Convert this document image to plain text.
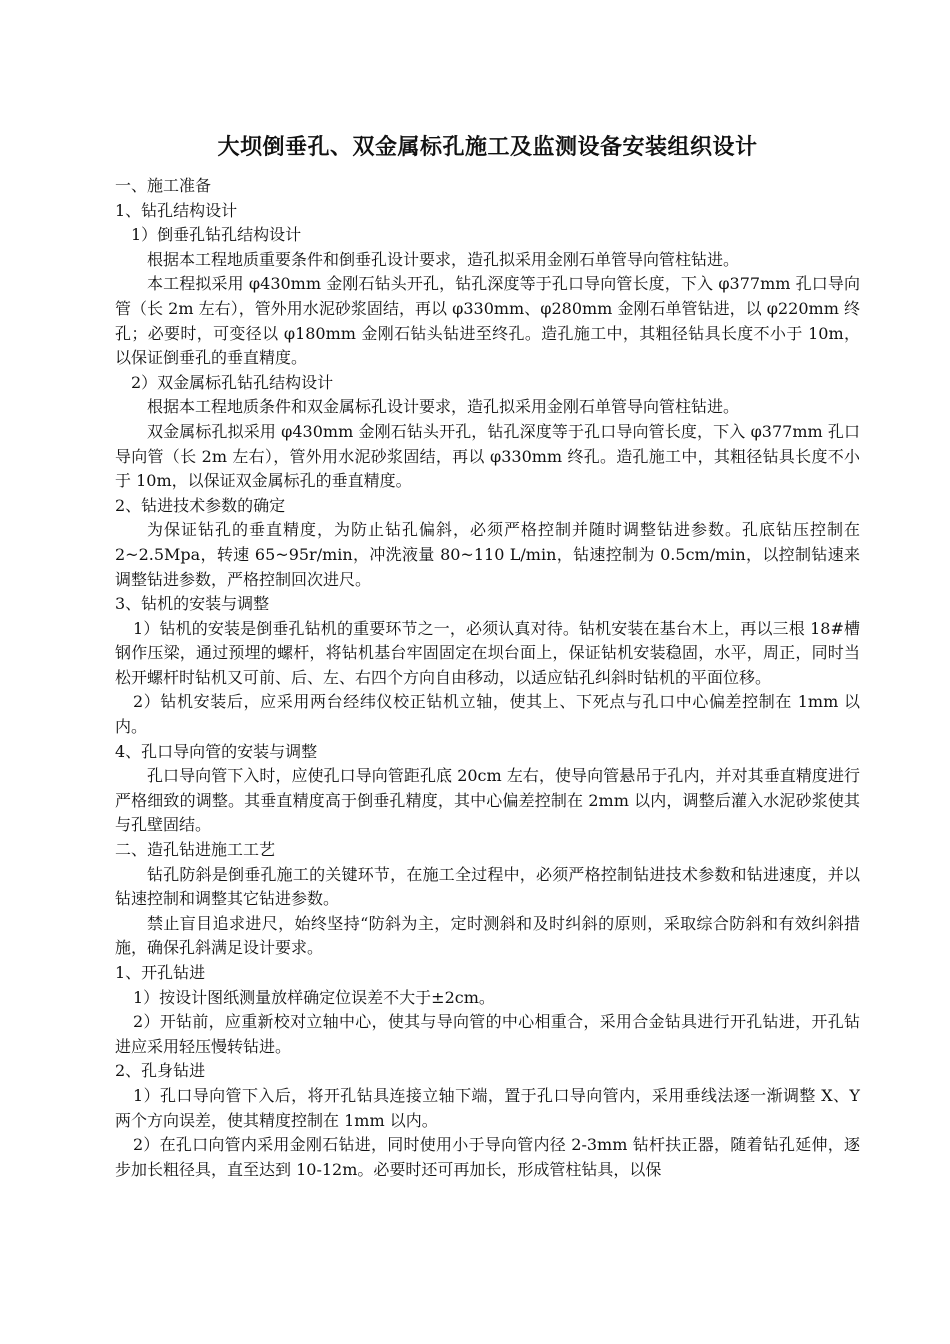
大坝倒垂孔、双金属标孔施工及监测设备安装组织设计
一、施工准备
1、钻孔结构设计
1）倒垂孔钻孔结构设计
根据本工程地质重要条件和倒垂孔设计要求，造孔拟采用金刚石单管导向管柱钻进。
本工程拟采用 φ430mm 金刚石钻头开孔，钻孔深度等于孔口导向管长度，下入 φ377mm 孔口导向管（长 2m 左右），管外用水泥砂浆固结，再以 φ330mm、φ280mm 金刚石单管钻进，以 φ220mm 终孔；必要时，可变径以 φ180mm 金刚石钻头钻进至终孔。造孔施工中，其粗径钻具长度不小于 10m，以保证倒垂孔的垂直精度。
2）双金属标孔钻孔结构设计
根据本工程地质条件和双金属标孔设计要求，造孔拟采用金刚石单管导向管柱钻进。
双金属标孔拟采用 φ430mm 金刚石钻头开孔，钻孔深度等于孔口导向管长度，下入 φ377mm 孔口导向管（长 2m 左右），管外用水泥砂浆固结，再以 φ330mm 终孔。造孔施工中，其粗径钻具长度不小于 10m，以保证双金属标孔的垂直精度。
2、钻进技术参数的确定
为保证钻孔的垂直精度，为防止钻孔偏斜，必须严格控制并随时调整钻进参数。孔底钻压控制在 2~2.5Mpa，转速 65~95r/min，冲洗液量 80~110 L/min，钻速控制为 0.5cm/min，以控制钻速来调整钻进参数，严格控制回次进尺。
3、钻机的安装与调整
1）钻机的安装是倒垂孔钻机的重要环节之一，必须认真对待。钻机安装在基台木上，再以三根 18#槽钢作压梁，通过预埋的螺杆，将钻机基台牢固固定在坝台面上，保证钻机安装稳固，水平，周正，同时当松开螺杆时钻机又可前、后、左、右四个方向自由移动，以适应钻孔纠斜时钻机的平面位移。
2）钻机安装后，应采用两台经纬仪校正钻机立轴，使其上、下死点与孔口中心偏差控制在 1mm 以内。
4、孔口导向管的安装与调整
孔口导向管下入时，应使孔口导向管距孔底 20cm 左右，使导向管悬吊于孔内，并对其垂直精度进行严格细致的调整。其垂直精度高于倒垂孔精度，其中心偏差控制在 2mm 以内，调整后灌入水泥砂浆使其与孔壁固结。
二、造孔钻进施工工艺
钻孔防斜是倒垂孔施工的关键环节，在施工全过程中，必须严格控制钻进技术参数和钻进速度，并以钻速控制和调整其它钻进参数。
禁止盲目追求进尺，始终坚持“防斜为主，定时测斜和及时纠斜的原则，采取综合防斜和有效纠斜措施，确保孔斜满足设计要求。
1、开孔钻进
1）按设计图纸测量放样确定位误差不大于±2cm。
2）开钻前，应重新校对立轴中心，使其与导向管的中心相重合，采用合金钻具进行开孔钻进，开孔钻进应采用轻压慢转钻进。
2、孔身钻进
1）孔口导向管下入后，将开孔钻具连接立轴下端，置于孔口导向管内，采用垂线法逐一渐调整 X、Y 两个方向误差，使其精度控制在 1mm 以内。
2）在孔口向管内采用金刚石钻进，同时使用小于导向管内径 2-3mm 钻杆扶正器，随着钻孔延伸，逐步加长粗径具，直至达到 10-12m。必要时还可再加长，形成管柱钻具，以保
